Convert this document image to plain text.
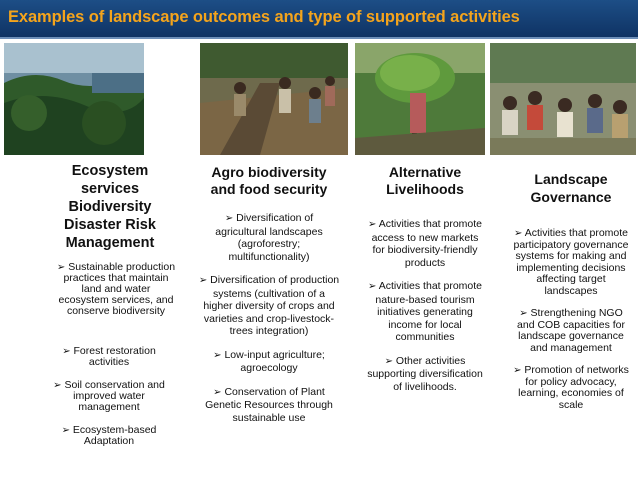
Examples of landscape outcomes and type of supported activities
Ecosystem
services
Biodiversity
Disaster Risk
Management
➢ Sustainable production practices that maintain land and water ecosystem services, and conserve biodiversity
➢ Forest restoration activities
➢ Soil conservation and improved water management
➢ Ecosystem-based Adaptation
Agro biodiversity
and food security
➢ Diversification of agricultural landscapes (agroforestry; multifunctionality)
➢ Diversification of production systems (cultivation of a higher diversity of crops and varieties and crop-livestock-trees integration)
➢ Low-input agriculture; agroecology
➢ Conservation of Plant Genetic Resources through sustainable use
Alternative
Livelihoods
➢ Activities that promote access to new markets for biodiversity-friendly products
➢ Activities that promote nature-based tourism initiatives generating income for local communities
➢ Other activities supporting diversification of livelihoods.
Landscape
Governance
➢ Activities that promote participatory governance systems for making and implementing decisions affecting target landscapes
➢ Strengthening NGO and COB capacities for landscape governance and management
➢ Promotion of networks for policy advocacy, learning, economies of scale
